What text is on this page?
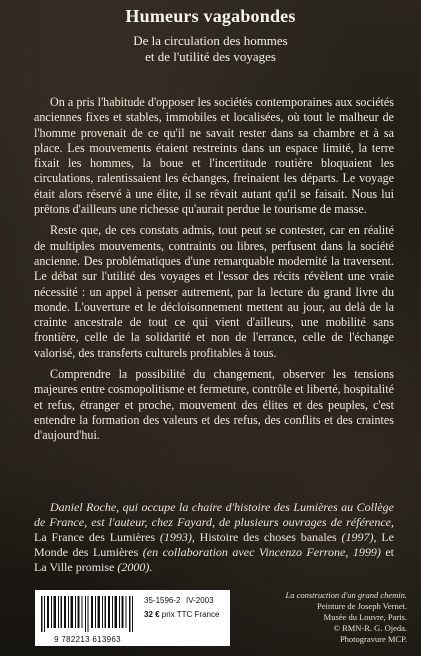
Humeurs vagabondes
De la circulation des hommes
et de l'utilité des voyages

On a pris l'habitude d'opposer les sociétés contemporaines aux sociétés anciennes fixes et stables, immobiles et localisées, où tout le malheur de l'homme provenait de ce qu'il ne savait rester dans sa chambre et à sa place. Les mouvements étaient restreints dans un espace limité, la terre fixait les hommes, la boue et l'incertitude routière bloquaient les circulations, ralentissaient les échanges, freinaient les départs. Le voyage était alors réservé à une élite, il se rêvait autant qu'il se faisait. Nous lui prêtons d'ailleurs une richesse qu'aurait perdue le tourisme de masse.

Reste que, de ces constats admis, tout peut se contester, car en réalité de multiples mouvements, contraints ou libres, perfusent dans la société ancienne. Des problématiques d'une remarquable modernité la traversent. Le débat sur l'utilité des voyages et l'essor des récits révèlent une vraie nécessité : un appel à penser autrement, par la lecture du grand livre du monde. L'ouverture et le décloisonnement mettent au jour, au delà de la crainte ancestrale de tout ce qui vient d'ailleurs, une mobilité sans frontière, celle de la solidarité et non de l'errance, celle de l'échange valorisé, des transferts culturels profitables à tous.

Comprendre la possibilité du changement, observer les tensions majeures entre cosmopolitisme et fermeture, contrôle et liberté, hospitalité et refus, étranger et proche, mouvement des élites et des peuples, c'est entendre la formation des valeurs et des refus, des conflits et des craintes d'aujourd'hui.

Daniel Roche, qui occupe la chaire d'histoire des Lumières au Collège de France, est l'auteur, chez Fayard, de plusieurs ouvrages de référence, La France des Lumières (1993), Histoire des choses banales (1997), Le Monde des Lumières (en collaboration avec Vincenzo Ferrone, 1999) et La Ville promise (2000).
9 782213 613963
35-1596-2 IV-2003
32 € prix TTC France
La construction d'un grand chemin.
Peinture de Joseph Vernet.
Musée du Louvre, Paris.
© RMN-R. G. Ojeda.
Photogravure MCP.
